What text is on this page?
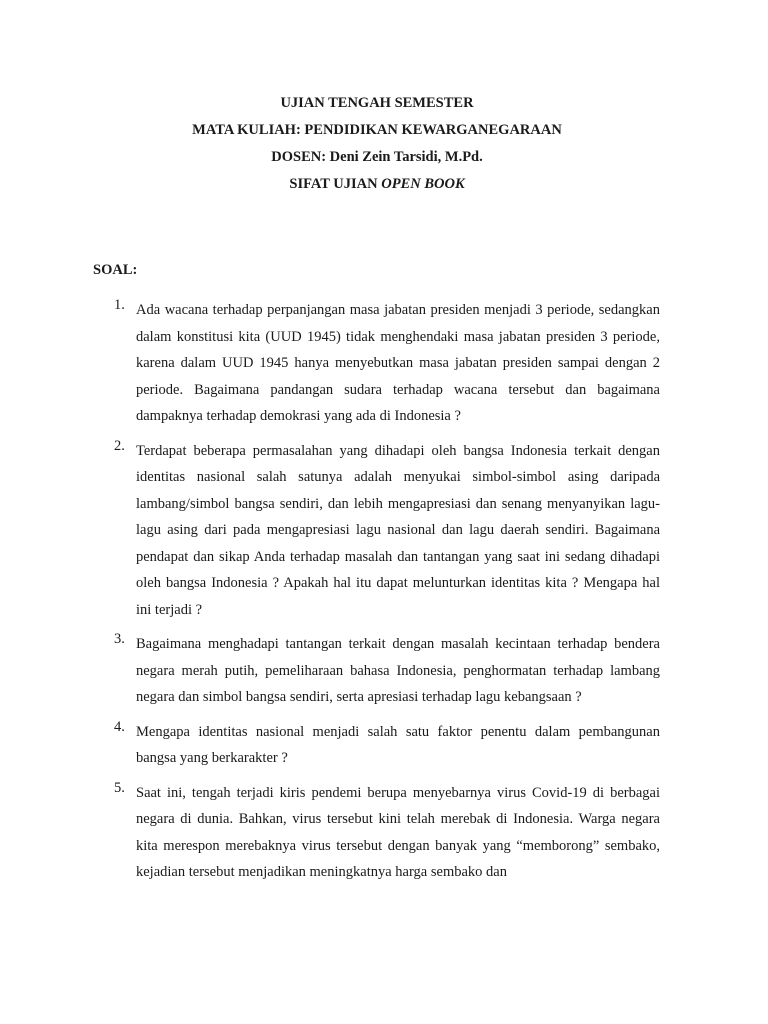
UJIAN TENGAH SEMESTER
MATA KULIAH: PENDIDIKAN KEWARGANEGARAAN
DOSEN: Deni Zein Tarsidi, M.Pd.
SIFAT UJIAN OPEN BOOK
SOAL:
1. Ada wacana terhadap perpanjangan masa jabatan presiden menjadi 3 periode, sedangkan dalam konstitusi kita (UUD 1945) tidak menghendaki masa jabatan presiden 3 periode, karena dalam UUD 1945 hanya menyebutkan masa jabatan presiden sampai dengan 2 periode. Bagaimana pandangan sudara terhadap wacana tersebut dan bagaimana dampaknya terhadap demokrasi yang ada di Indonesia ?
2. Terdapat beberapa permasalahan yang dihadapi oleh bangsa Indonesia terkait dengan identitas nasional salah satunya adalah menyukai simbol-simbol asing daripada lambang/simbol bangsa sendiri, dan lebih mengapresiasi dan senang menyanyikan lagu-lagu asing dari pada mengapresiasi lagu nasional dan lagu daerah sendiri. Bagaimana pendapat dan sikap Anda terhadap masalah dan tantangan yang saat ini sedang dihadapi oleh bangsa Indonesia ? Apakah hal itu dapat melunturkan identitas kita ? Mengapa hal ini terjadi ?
3. Bagaimana menghadapi tantangan terkait dengan masalah kecintaan terhadap bendera negara merah putih, pemeliharaan bahasa Indonesia, penghormatan terhadap lambang negara dan simbol bangsa sendiri, serta apresiasi terhadap lagu kebangsaan ?
4. Mengapa identitas nasional menjadi salah satu faktor penentu dalam pembangunan bangsa yang berkarakter ?
5. Saat ini, tengah terjadi kiris pendemi berupa menyebarnya virus Covid-19 di berbagai negara di dunia. Bahkan, virus tersebut kini telah merebak di Indonesia. Warga negara kita merespon merebaknya virus tersebut dengan banyak yang “memborong” sembako, kejadian tersebut menjadikan meningkatnya harga sembako dan
